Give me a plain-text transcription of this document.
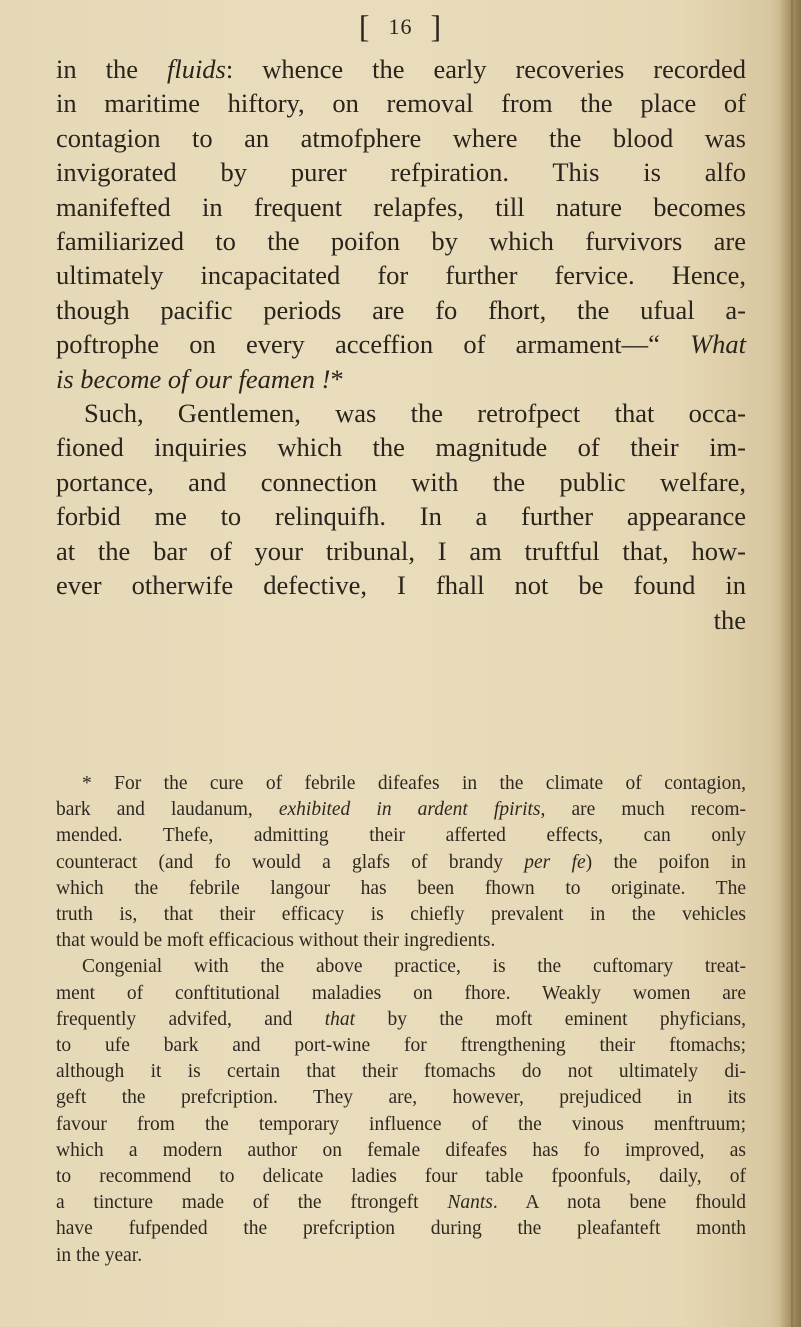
[ 16 ]
in the fluids: whence the early recoveries recorded
in maritime hiftory, on removal from the place of
contagion to an atmofphere where the blood was
invigorated by purer refpiration. This is alfo
manifefted in frequent relapfes, till nature becomes
familiarized to the poifon by which furvivors are
ultimately incapacitated for further fervice. Hence,
though pacific periods are fo fhort, the ufual a-
poftrophe on every acceffion of armament—“ What
is become of our feamen !*
Such, Gentlemen, was the retrofpect that occa-
fioned inquiries which the magnitude of their im-
portance, and connection with the public welfare,
forbid me to relinquifh. In a further appearance
at the bar of your tribunal, I am truftful that, how-
ever otherwife defective, I fhall not be found in
the
* For the cure of febrile difeafes in the climate of contagion,
bark and laudanum, exhibited in ardent fpirits, are much recom-
mended. Thefe, admitting their afferted effects, can only
counteract (and fo would a glafs of brandy per fe) the poifon in
which the febrile langour has been fhown to originate. The
truth is, that their efficacy is chiefly prevalent in the vehicles
that would be moft efficacious without their ingredients.
Congenial with the above practice, is the cuftomary treat-
ment of conftitutional maladies on fhore. Weakly women are
frequently advifed, and that by the moft eminent phyficians,
to ufe bark and port-wine for ftrengthening their ftomachs;
although it is certain that their ftomachs do not ultimately di-
geft the prefcription. They are, however, prejudiced in its
favour from the temporary influence of the vinous menftruum;
which a modern author on female difeafes has fo improved, as
to recommend to delicate ladies four table fpoonfuls, daily, of
a tincture made of the ftrongeft Nants. A nota bene fhould
have fufpended the prefcription during the pleafanteft month
in the year.
